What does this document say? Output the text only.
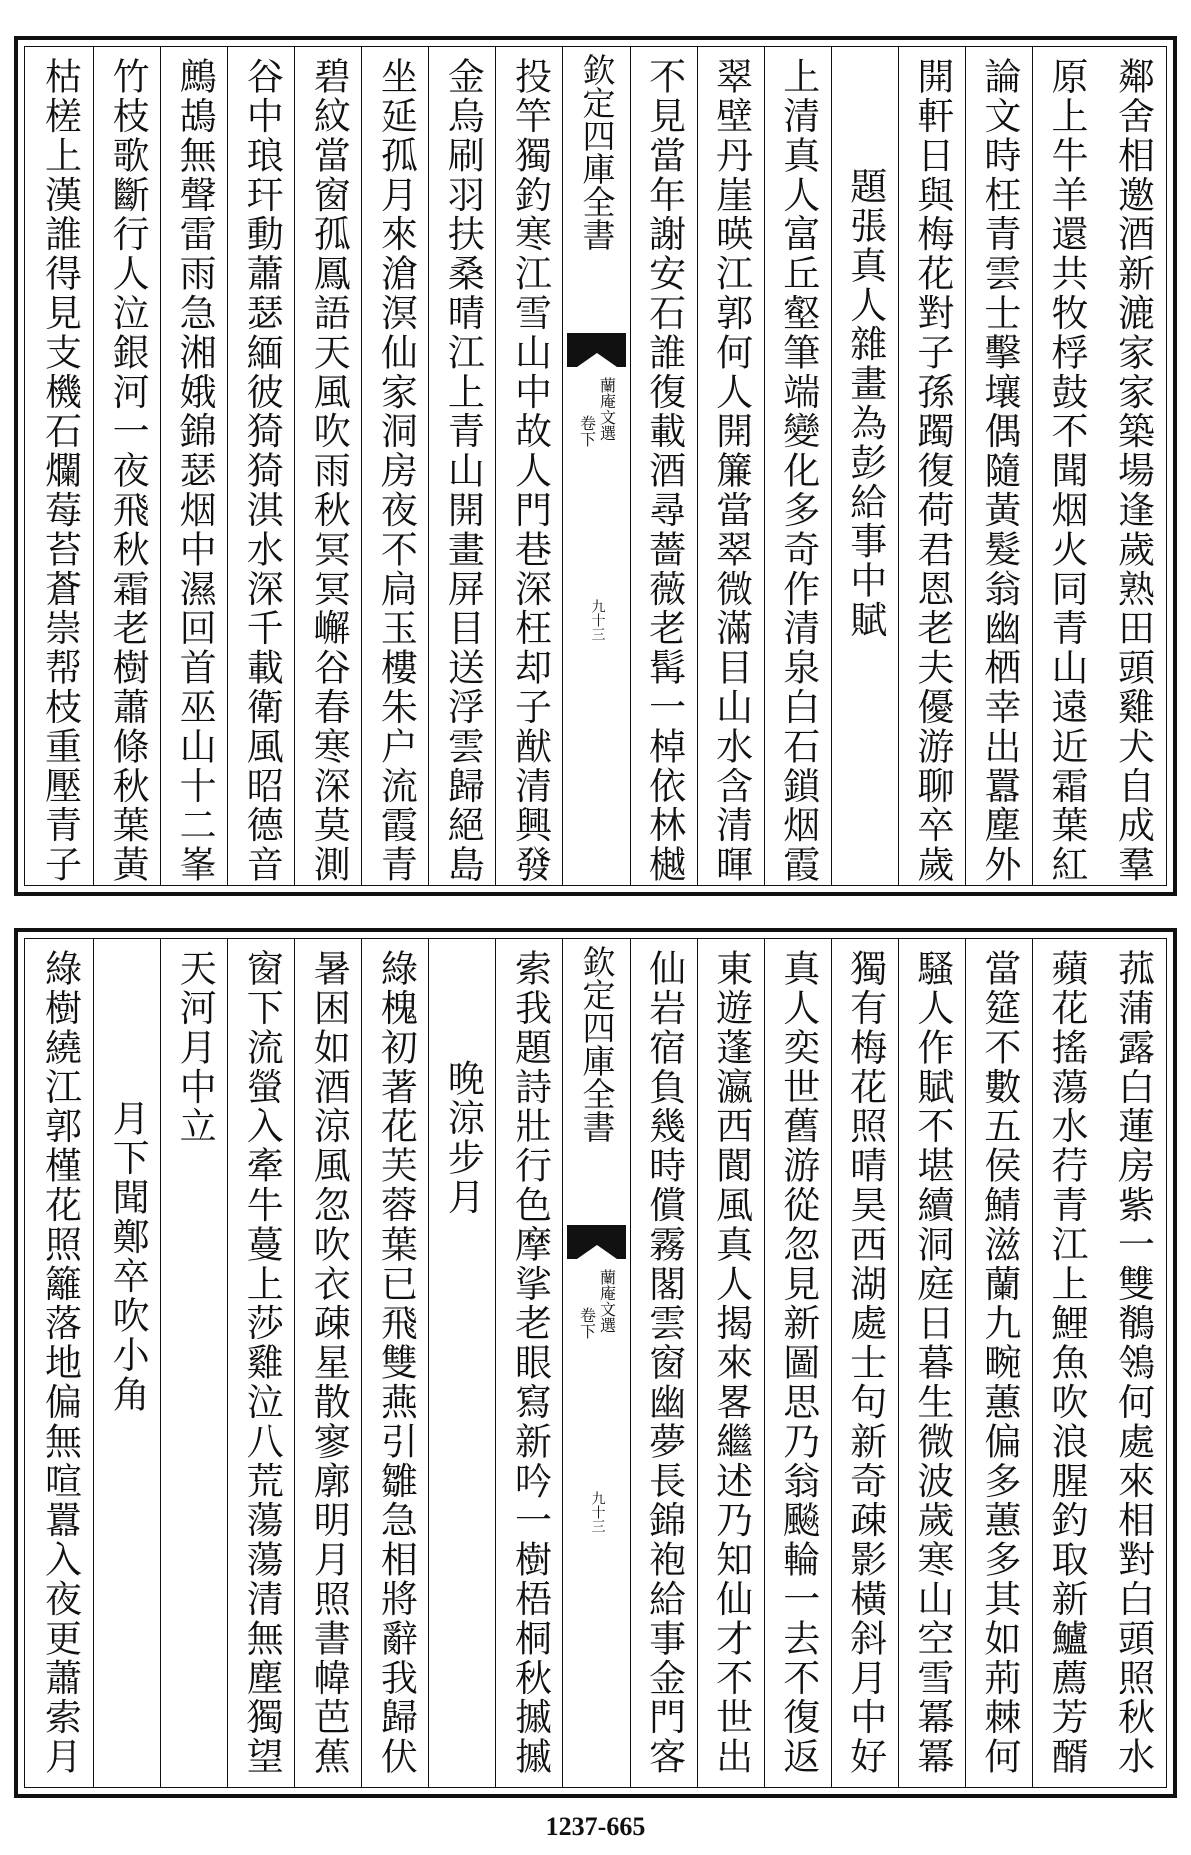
鄰舍相邀酒新漉家家築場逢歲熟田頭雞犬自成羣
原上牛羊還共牧桴鼓不聞烟火同青山遠近霜葉紅
論文時枉青雲士擊壤偶隨黃髮翁幽栖幸出囂塵外
開軒日與梅花對子孫躅復荷君恩老夫優游聊卒歲
題張真人雜畫為彭給事中賦
上清真人富丘壑筆端變化多奇作清泉白石鎖烟霞
翠壁丹崖暎江郭何人開簾當翠微滿目山水含清暉
不見當年謝安石誰復載酒尋薔薇老髯一棹依林樾
欽定四庫全書
蘭庵文選
卷下
九十三
投竿獨釣寒江雪山中故人門巷深枉却子猷清興發
金烏刷羽扶桑晴江上青山開畫屏目送浮雲歸絕島
坐延孤月來滄溟仙家洞房夜不扃玉樓朱户流霞青
碧紋當窗孤鳳語天風吹雨秋冥冥嶰谷春寒深莫測
谷中琅玕動蕭瑟緬彼猗猗淇水深千載衛風昭德音
鷓鴣無聲雷雨急湘娥錦瑟烟中濕回首巫山十二峯
竹枝歌斷行人泣銀河一夜飛秋霜老樹蕭條秋葉黃
枯槎上漢誰得見支機石爛莓苔蒼崇帮枝重壓青子
菰蒲露白蓮房紫一雙鶺鴒何處來相對白頭照秋水
蘋花搖蕩水荇青江上鯉魚吹浪腥釣取新鱸薦芳醑
當筵不數五侯鯖滋蘭九畹蕙偏多蕙多其如荊棘何
騷人作賦不堪續洞庭日暮生微波歲寒山空雪冪冪
獨有梅花照晴昊西湖處士句新奇疎影橫斜月中好
真人奕世舊游從忽見新圖思乃翁飈輪一去不復返
東遊蓬瀛西閬風真人揭來畧繼述乃知仙才不世出
仙岩宿負幾時償霧閣雲窗幽夢長錦袍給事金門客
欽定四庫全書
蘭庵文選
卷下
九十三
索我題詩壯行色摩挲老眼寫新吟一樹梧桐秋摵摵
晚涼步月
綠槐初著花芙蓉葉已飛雙燕引雛急相將辭我歸伏
暑困如酒涼風忽吹衣疎星散寥廓明月照書幃芭蕉
窗下流螢入牽牛蔓上莎雞泣八荒蕩蕩清無塵獨望
天河月中立
月下聞鄭卒吹小角
綠樹繞江郭槿花照籬落地偏無喧囂入夜更蕭索月
1237-665
